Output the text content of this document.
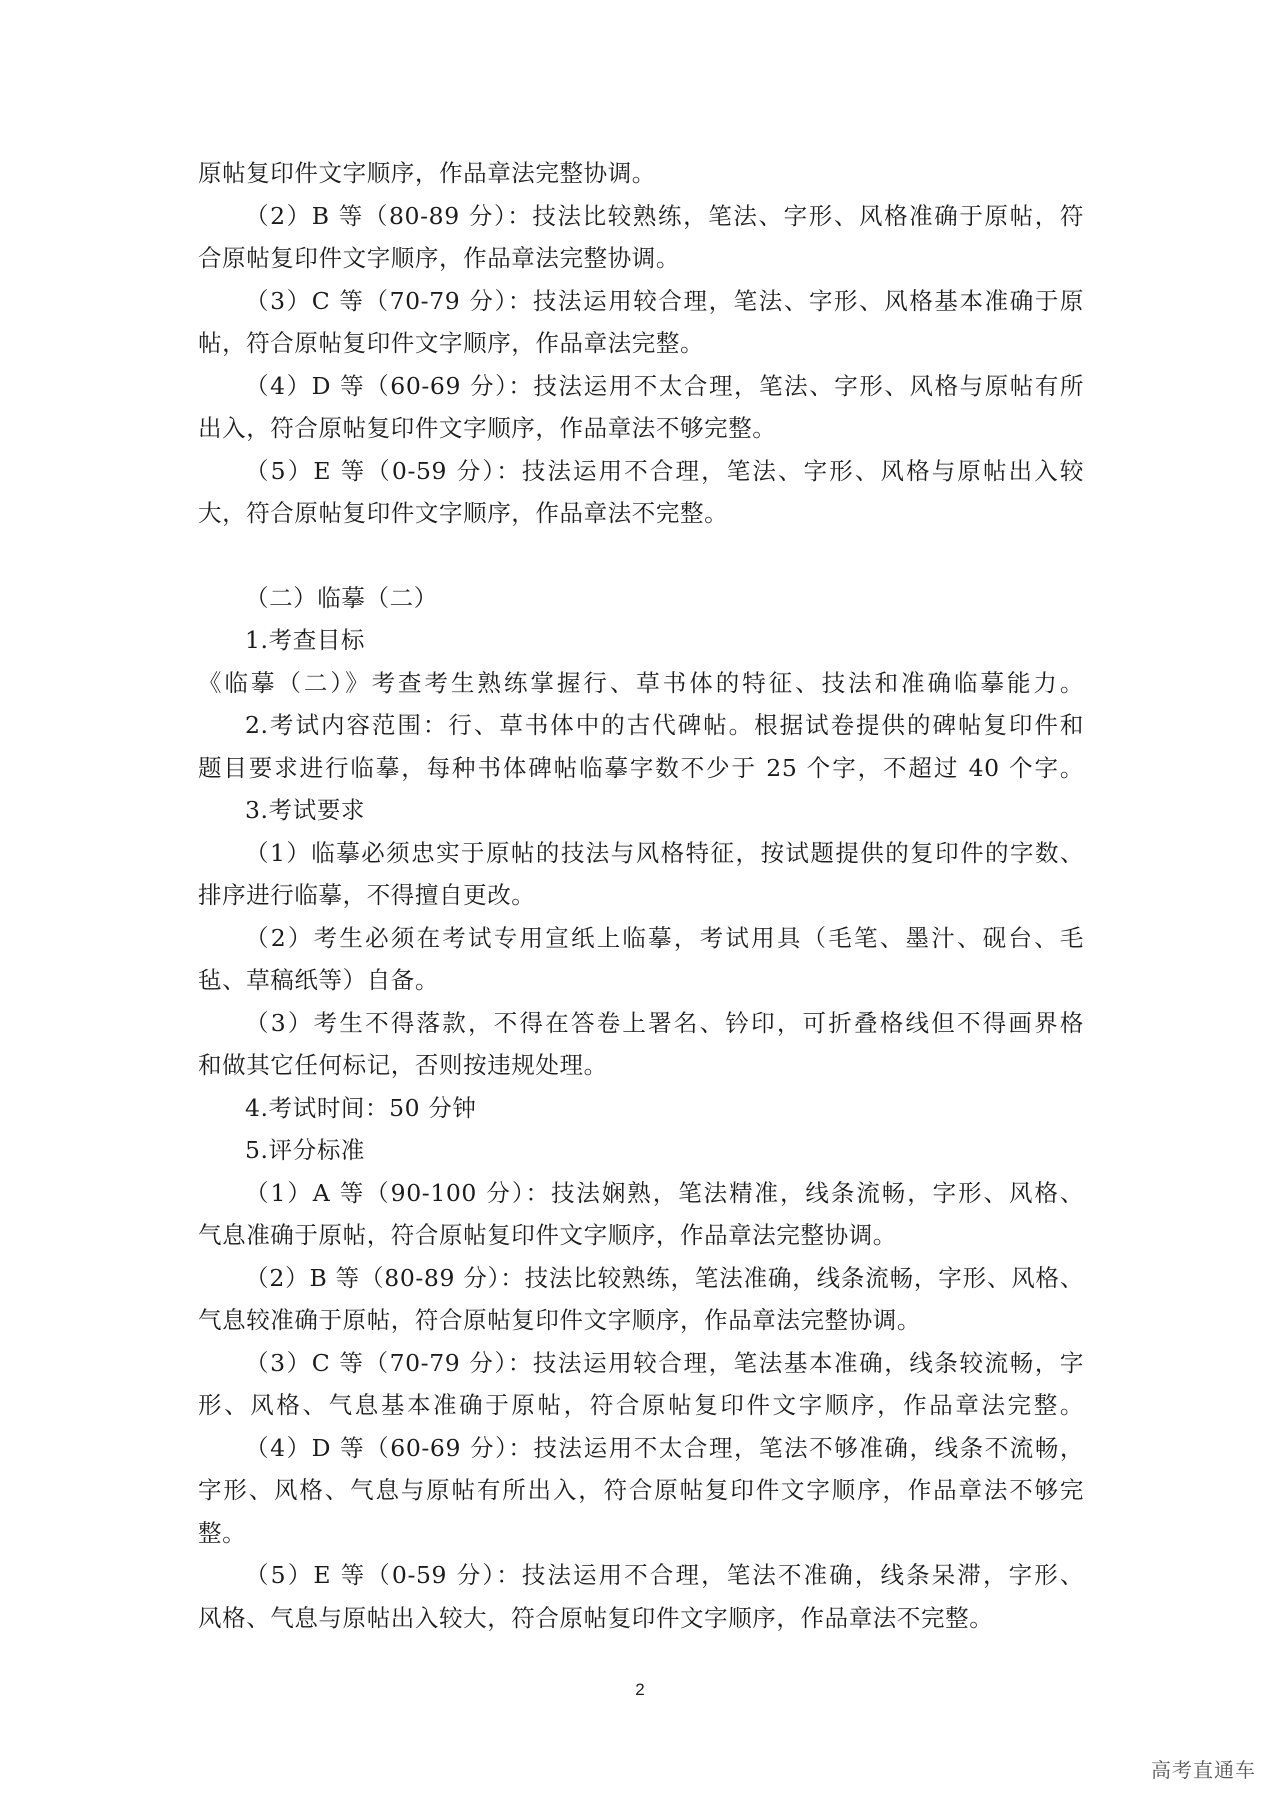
原帖复印件文字顺序，作品章法完整协调。
（2）B 等（80-89 分）：技法比较熟练，笔法、字形、风格准确于原帖，符
合原帖复印件文字顺序，作品章法完整协调。
（3）C 等（70-79 分）：技法运用较合理，笔法、字形、风格基本准确于原
帖，符合原帖复印件文字顺序，作品章法完整。
（4）D 等（60-69 分）：技法运用不太合理，笔法、字形、风格与原帖有所
出入，符合原帖复印件文字顺序，作品章法不够完整。
（5）E 等（0-59 分）：技法运用不合理，笔法、字形、风格与原帖出入较
大，符合原帖复印件文字顺序，作品章法不完整。
（二）临摹（二）
1.考查目标
《临摹（二）》考查考生熟练掌握行、草书体的特征、技法和准确临摹能力。
2.考试内容范围：行、草书体中的古代碑帖。根据试卷提供的碑帖复印件和
题目要求进行临摹，每种书体碑帖临摹字数不少于 25 个字，不超过 40 个字。
3.考试要求
（1）临摹必须忠实于原帖的技法与风格特征，按试题提供的复印件的字数、
排序进行临摹，不得擅自更改。
（2）考生必须在考试专用宣纸上临摹，考试用具（毛笔、墨汁、砚台、毛
毡、草稿纸等）自备。
（3）考生不得落款，不得在答卷上署名、钤印，可折叠格线但不得画界格
和做其它任何标记，否则按违规处理。
4.考试时间：50 分钟
5.评分标准
（1）A 等（90-100 分）：技法娴熟，笔法精准，线条流畅，字形、风格、
气息准确于原帖，符合原帖复印件文字顺序，作品章法完整协调。
（2）B 等（80-89 分）：技法比较熟练，笔法准确，线条流畅，字形、风格、
气息较准确于原帖，符合原帖复印件文字顺序，作品章法完整协调。
（3）C 等（70-79 分）：技法运用较合理，笔法基本准确，线条较流畅，字
形、风格、气息基本准确于原帖，符合原帖复印件文字顺序，作品章法完整。
（4）D 等（60-69 分）：技法运用不太合理，笔法不够准确，线条不流畅，
字形、风格、气息与原帖有所出入，符合原帖复印件文字顺序，作品章法不够完
整。
（5）E 等（0-59 分）：技法运用不合理，笔法不准确，线条呆滞，字形、
风格、气息与原帖出入较大，符合原帖复印件文字顺序，作品章法不完整。
2
高考直通车
